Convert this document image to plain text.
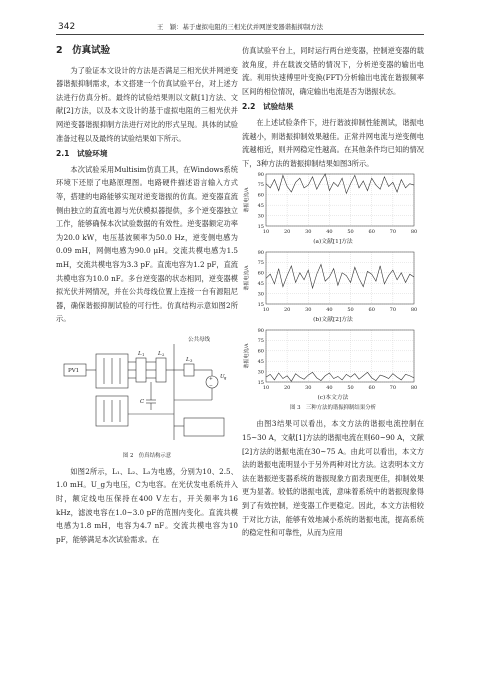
342	王　颖：基于虚拟电阻的三相光伏并网逆变器谐振抑制方法
2　仿真试验

为了验证本文设计的方法是否满足三相光伏并网逆变器谐振抑制需求，本文搭建一个仿真试验平台，对上述方法进行仿真分析。最终的试验结果则以文献[1]方法、文献[2]方法，以及本文设计的基于虚拟电阻的三相光伏并网逆变器谐振抑制方法进行对比的形式呈现。具体的试验准备过程以及最终的试验结果如下所示。

2.1　试验环境

本次试验采用Multisim仿真工具，在Windows系统环境下还原了电路原理图。电路硬件描述语言输入方式等，搭建的电路能够实现对逆变谐振的仿真。逆变器直流侧由独立的直流电源与光伏模拟器提供，多个逆变器独立工作，能够确保本次试验数据的有效性。逆变器额定功率为20.0 kW，电压基波频率为50.0 Hz，逆变侧电感为0.09 mH，网侧电感为90.0 μH。交流共模电感为1.5 mH，交流共模电容为3.3 pF。直流电容为1.2 pF，直流共模电容为10.0 nF。多台逆变器的状态相同，逆变器模拟光伏并网情况，并在公共母线位置上连接一台有源阻尼器，确保谐振抑制试验的可行性。仿真结构示意如图2所示。

公共母线
PV1
L 1 L 2
L 3
C
U g
+
−
图 2　仿真结构示意

如图2所示，L₁、L₂、L₃为电感，分别为10、2.5、1.0 mH。U_g为电压，C为电容。在光伏发电系统并入时，额定线电压保持在400 V左右，开关频率为16 kHz，滤波电容在1.0~3.0 pF的范围内变化。直流共模电感为1.8 mH，电容为4.7 nF。交流共模电容为10 pF，能够满足本次试验需求。在

仿真试验平台上，同时运行两台逆变器，控制逆变器的载波角度，并在载波交错的情况下，分析逆变器的输出电流。利用快速傅里叶变换(FFT)分析输出电流在谐振频率区间的相位情况，确定输出电流是否为谐振状态。

2.2　试验结果

在上述试验条件下，进行谐波抑制性能测试，谐振电流越小，则谐振抑制效果越佳。正常并网电流与逆变侧电流越相近，则并网稳定性越高。在其他条件均已知的情况下，3种方法的谐振抑制结果如图3所示。

15
30
45
60
75
90
10	20	30	40	50	60	70	80
谐振电流/A
(a)文献[1]方法
15
30
45
60
75
90
10	20	30	40	50	60	70	80
谐振电流/A
(b)文献[2]方法
15
30
45
60
75
90
10	20	30	40	50	60	70	80
谐振电流/A
(c)本文方法
图 3　三种方法的谐振抑制结果分析

由图3结果可以看出，本文方法的谐振电流控制在15~30 A，文献[1]方法的谐振电流在则60~90 A，文献[2]方法的谐振电流在30~75 A。由此可以看出，本文方法的谐振电流明显小于另外两种对比方法。这表明本文方法在谐振逆变器系统的谐振现象方面表现更佳，抑制效果更为显著。较低的谐振电流，意味着系统中的谐振现象得到了有效控制，逆变器工作更稳定。因此，本文方法相较于对比方法，能够有效地减小系统的谐振电流，提高系统的稳定性和可靠性，从而为应用
